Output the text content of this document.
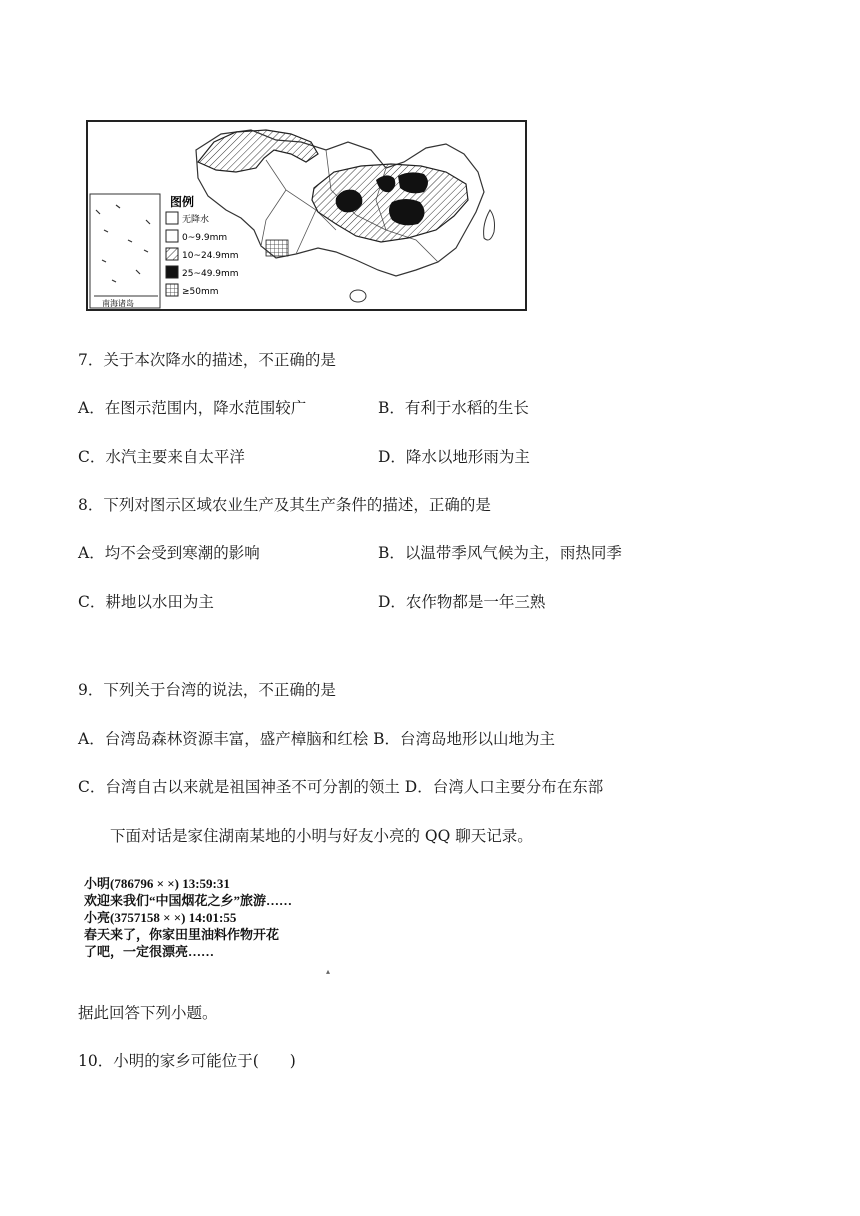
南海诸岛
图例
无降水
0~9.9mm
10~24.9mm
25~49.9mm
≥50mm
7．关于本次降水的描述，不正确的是
A．在图示范围内，降水范围较广	B．有利于水稻的生长
C．水汽主要来自太平洋	D．降水以地形雨为主
8．下列对图示区域农业生产及其生产条件的描述，正确的是
A．均不会受到寒潮的影响	B．以温带季风气候为主，雨热同季
C．耕地以水田为主	D．农作物都是一年三熟
9．下列关于台湾的说法，不正确的是
A．台湾岛森林资源丰富，盛产樟脑和红桧 B．台湾岛地形以山地为主
C．台湾自古以来就是祖国神圣不可分割的领土 D．台湾人口主要分布在东部
下面对话是家住湖南某地的小明与好友小亮的 QQ 聊天记录。
小明(786796 × ×) 13:59:31
欢迎来我们“中国烟花之乡”旅游……
小亮(3757158 × ×) 14:01:55
春天来了，你家田里油料作物开花
了吧，一定很漂亮……
▴
据此回答下列小题。
10．小明的家乡可能位于(　　)
